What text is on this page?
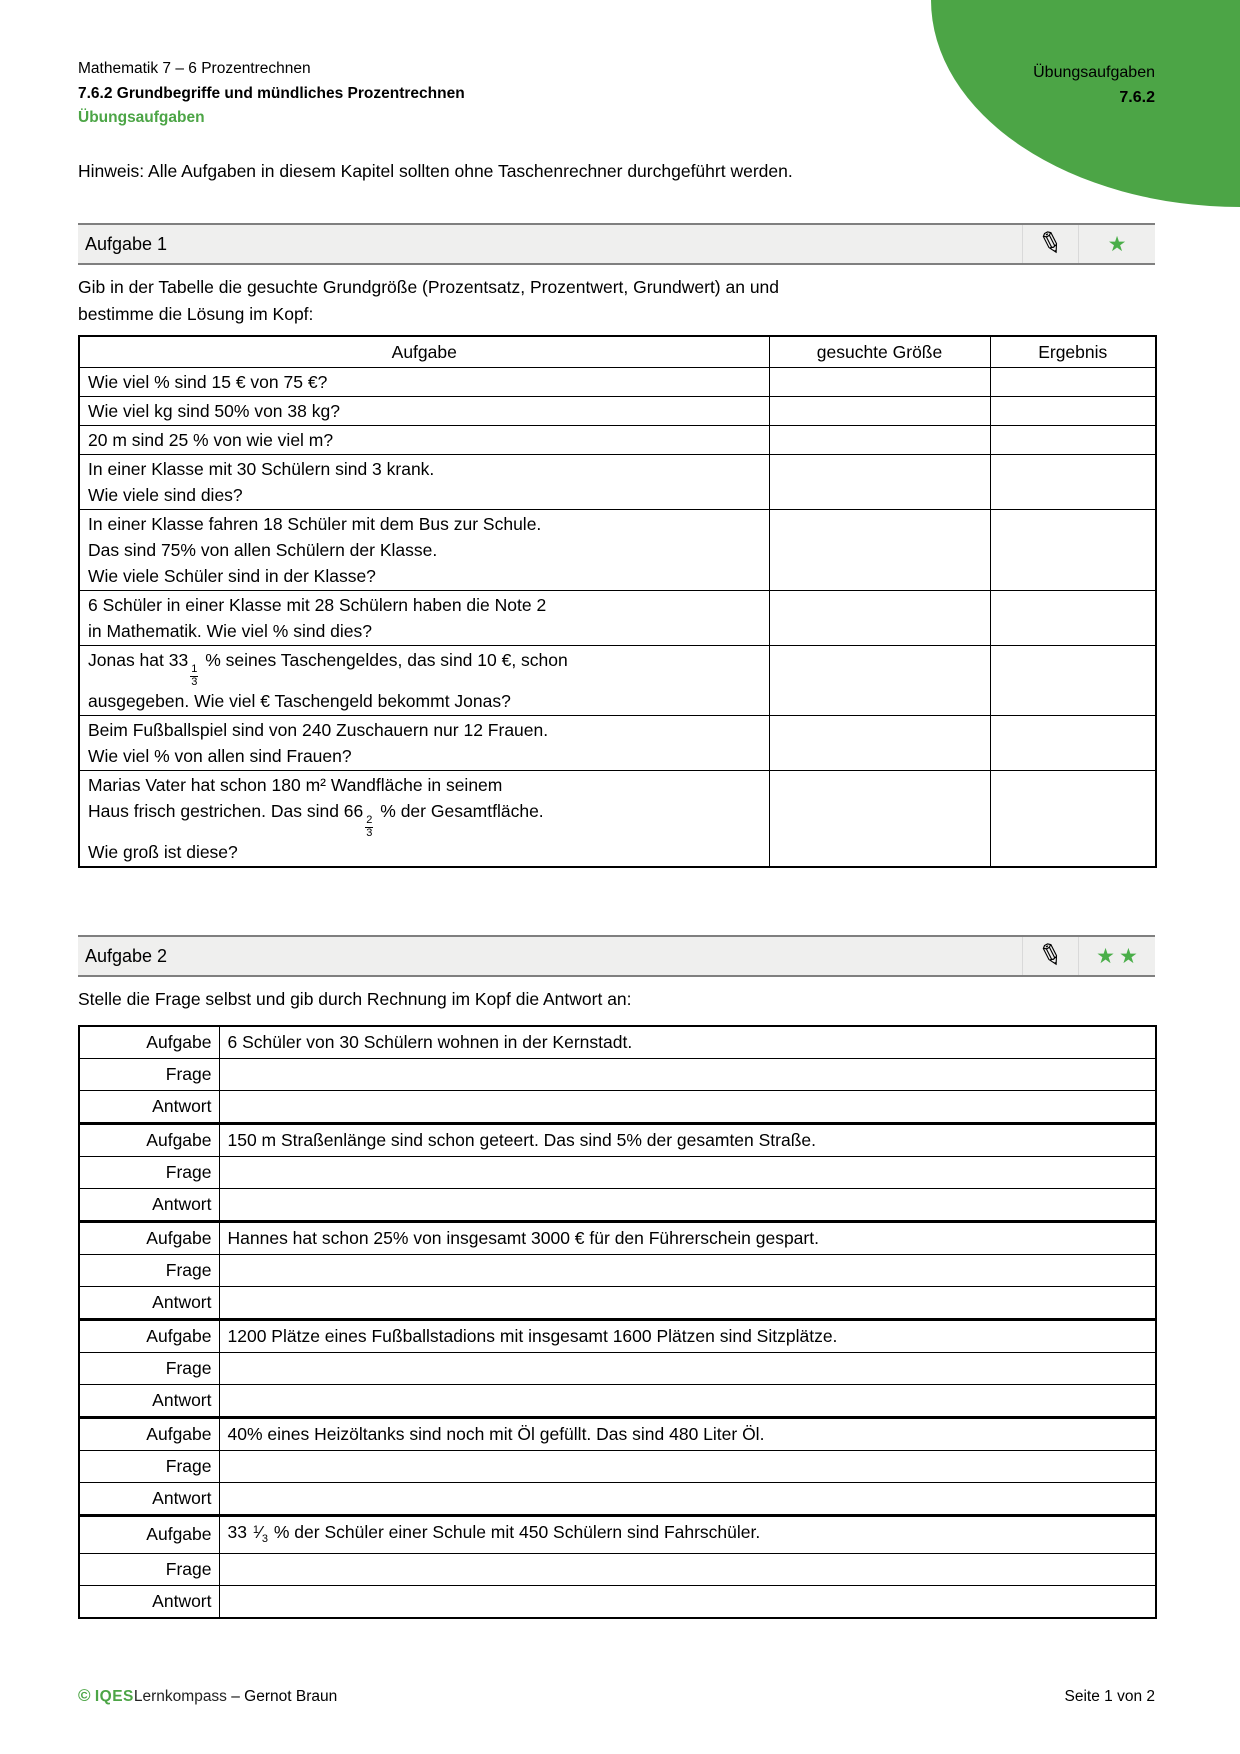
Übungsaufgaben
7.6.2
Mathematik 7 – 6 Prozentrechnen
7.6.2 Grundbegriffe und mündliches Prozentrechnen
Übungsaufgaben
Hinweis: Alle Aufgaben in diesem Kapitel sollten ohne Taschenrechner durchgeführt werden.
Aufgabe 1	✎	★
Gib in der Tabelle die gesuchte Grundgröße (Prozentsatz, Prozentwert, Grundwert) an und
bestimme die Lösung im Kopf:
Aufgabe	gesuchte Größe	Ergebnis

Wie viel % sind 15 € von 75 €?		

Wie viel kg sind 50% von 38 kg?		

20 m sind 25 % von wie viel m?		

In einer Klasse mit 30 Schülern sind 3 krank.
Wie viele sind dies?		

In einer Klasse fahren 18 Schüler mit dem Bus zur Schule.
Das sind 75% von allen Schülern der Klasse.
Wie viele Schüler sind in der Klasse?		

6 Schüler in einer Klasse mit 28 Schülern haben die Note 2
in Mathematik. Wie viel % sind dies?		

Jonas hat 33
$\frac{1}{3}$
% seines Taschengeldes, das sind 10 €, schon
ausgegeben. Wie viel € Taschengeld bekommt Jonas?		

Beim Fußballspiel sind von 240 Zuschauern nur 12 Frauen.
Wie viel % von allen sind Frauen?		

Marias Vater hat schon 180 m² Wandfläche in seinem
Haus frisch gestrichen. Das sind 66
$\frac{2}{3}$
% der Gesamtfläche.
Wie groß ist diese?

Aufgabe 2	✎	★ ★
Stelle die Frage selbst und gib durch Rechnung im Kopf die Antwort an:
Aufgabe	6 Schüler von 30 Schülern wohnen in der Kernstadt.
Frage	
Antwort	
Aufgabe	150 m Straßenlänge sind schon geteert. Das sind 5% der gesamten Straße.
Frage	
Antwort	
Aufgabe	Hannes hat schon 25% von insgesamt 3000 € für den Führerschein gespart.
Frage	
Antwort	
Aufgabe	1200 Plätze eines Fußballstadions mit insgesamt 1600 Plätzen sind Sitzplätze.
Frage	
Antwort	
Aufgabe	40% eines Heizöltanks sind noch mit Öl gefüllt. Das sind 480 Liter Öl.
Frage	
Antwort	
Aufgabe	33 $^1⁄_3$ % der Schüler einer Schule mit 450 Schülern sind Fahrschüler.
Frage	
Antwort	
© IQESLernkompass – Gernot Braun	Seite 1 von 2
